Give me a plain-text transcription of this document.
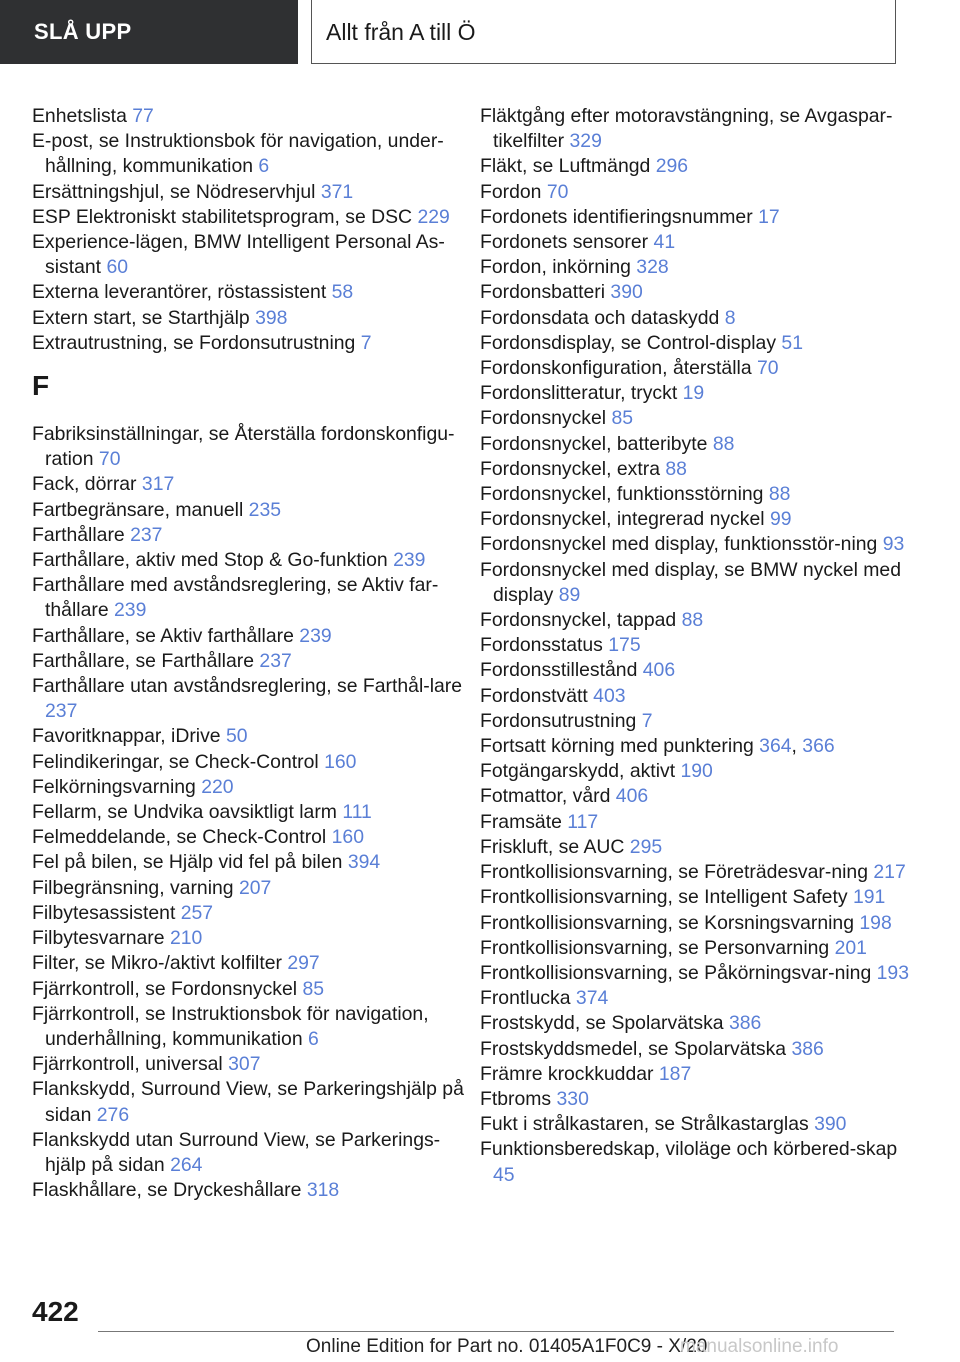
SLÅ UPP	Allt från A till Ö
Enhetslista 77
E-post, se Instruktionsbok för navigation, under-hållning, kommunikation 6
Ersättningshjul, se Nödreservhjul 371
ESP Elektroniskt stabilitetsprogram, se DSC 229
Experience-lägen, BMW Intelligent Personal As-sistant 60
Externa leverantörer, röstassistent 58
Extern start, se Starthjälp 398
Extrautrustning, se Fordonsutrustning 7
F
Fabriksinställningar, se Återställa fordonskonfigu-ration 70
Fack, dörrar 317
Fartbegränsare, manuell 235
Farthållare 237
Farthållare, aktiv med Stop & Go-funktion 239
Farthållare med avståndsreglering, se Aktiv far-thållare 239
Farthållare, se Aktiv farthållare 239
Farthållare, se Farthållare 237
Farthållare utan avståndsreglering, se Farthål-lare 237
Favoritknappar, iDrive 50
Felindikeringar, se Check-Control 160
Felkörningsvarning 220
Fellarm, se Undvika oavsiktligt larm 111
Felmeddelande, se Check-Control 160
Fel på bilen, se Hjälp vid fel på bilen 394
Filbegränsning, varning 207
Filbytesassistent 257
Filbytesvarnare 210
Filter, se Mikro-/aktivt kolfilter 297
Fjärrkontroll, se Fordonsnyckel 85
Fjärrkontroll, se Instruktionsbok för navigation, underhållning, kommunikation 6
Fjärrkontroll, universal 307
Flankskydd, Surround View, se Parkeringshjälp på sidan 276
Flankskydd utan Surround View, se Parkerings-hjälp på sidan 264
Flaskhållare, se Dryckeshållare 318
Fläktgång efter motoravstängning, se Avgaspar-tikelfilter 329
Fläkt, se Luftmängd 296
Fordon 70
Fordonets identifieringsnummer 17
Fordonets sensorer 41
Fordon, inkörning 328
Fordonsbatteri 390
Fordonsdata och dataskydd 8
Fordonsdisplay, se Control-display 51
Fordonskonfiguration, återställa 70
Fordonslitteratur, tryckt 19
Fordonsnyckel 85
Fordonsnyckel, batteribyte 88
Fordonsnyckel, extra 88
Fordonsnyckel, funktionsstörning 88
Fordonsnyckel, integrerad nyckel 99
Fordonsnyckel med display, funktionsstör-ning 93
Fordonsnyckel med display, se BMW nyckel med display 89
Fordonsnyckel, tappad 88
Fordonsstatus 175
Fordonsstillestånd 406
Fordonstvätt 403
Fordonsutrustning 7
Fortsatt körning med punktering 364, 366
Fotgängarskydd, aktivt 190
Fotmattor, vård 406
Framsäte 117
Friskluft, se AUC 295
Frontkollisionsvarning, se Företrädesvar-ning 217
Frontkollisionsvarning, se Intelligent Safety 191
Frontkollisionsvarning, se Korsningsvarning 198
Frontkollisionsvarning, se Personvarning 201
Frontkollisionsvarning, se Påkörningsvar-ning 193
Frontlucka 374
Frostskydd, se Spolarvätska 386
Frostskyddsmedel, se Spolarvätska 386
Främre krockkuddar 187
Ftbroms 330
Fukt i strålkastaren, se Strålkastarglas 390
Funktionsberedskap, viloläge och körbered-skap 45
422
Online Edition for Part no. 01405A1F0C9 - X/20
manualsonline.info
